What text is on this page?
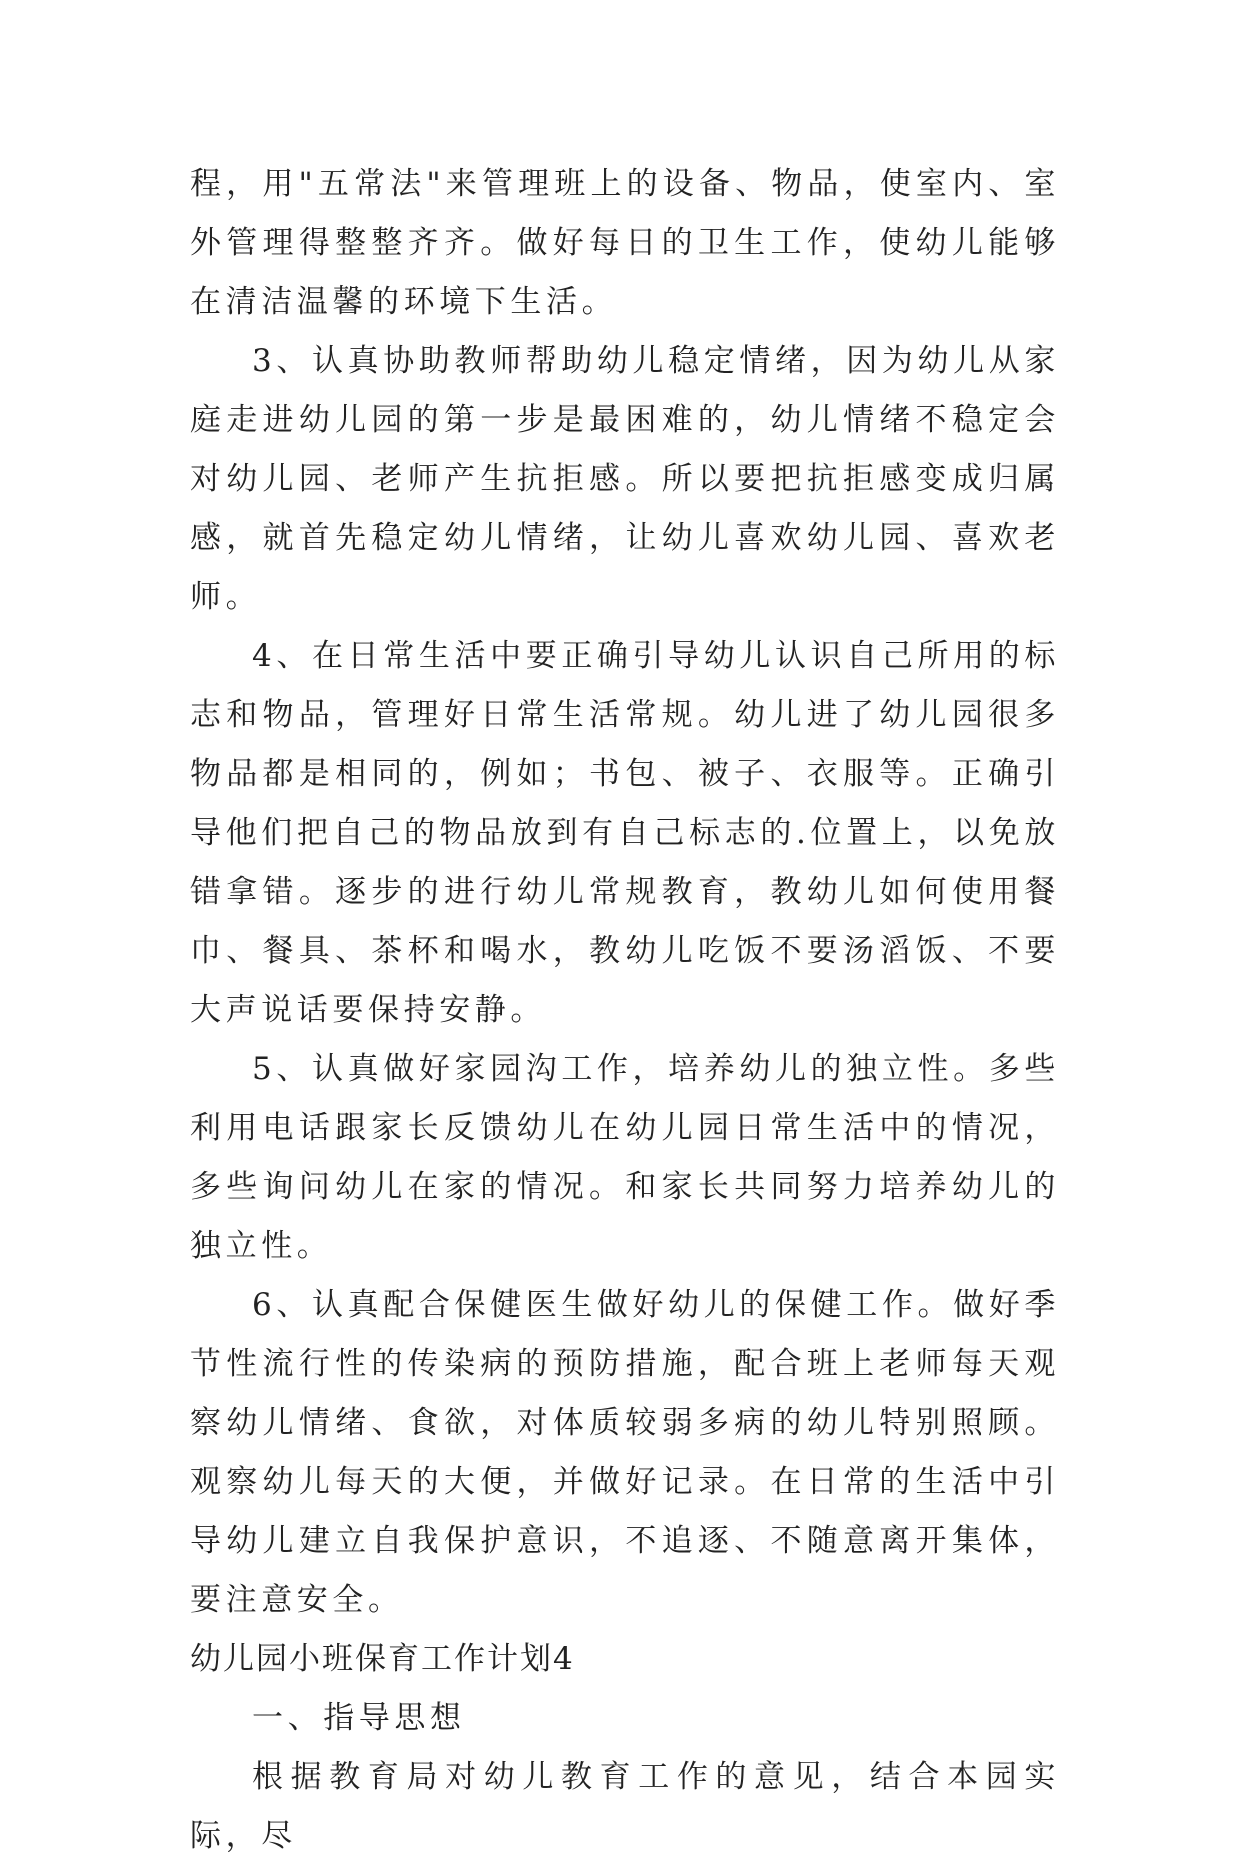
程，用"五常法"来管理班上的设备、物品，使室内、室外管理得整整齐齐。做好每日的卫生工作，使幼儿能够在清洁温馨的环境下生活。

3、认真协助教师帮助幼儿稳定情绪，因为幼儿从家庭走进幼儿园的第一步是最困难的，幼儿情绪不稳定会对幼儿园、老师产生抗拒感。所以要把抗拒感变成归属感，就首先稳定幼儿情绪，让幼儿喜欢幼儿园、喜欢老师。

4、在日常生活中要正确引导幼儿认识自己所用的标志和物品，管理好日常生活常规。幼儿进了幼儿园很多物品都是相同的，例如；书包、被子、衣服等。正确引导他们把自己的物品放到有自己标志的.位置上，以免放错拿错。逐步的进行幼儿常规教育，教幼儿如何使用餐巾、餐具、茶杯和喝水，教幼儿吃饭不要汤滔饭、不要大声说话要保持安静。

5、认真做好家园沟工作，培养幼儿的独立性。多些利用电话跟家长反馈幼儿在幼儿园日常生活中的情况，多些询问幼儿在家的情况。和家长共同努力培养幼儿的独立性。

6、认真配合保健医生做好幼儿的保健工作。做好季节性流行性的传染病的预防措施，配合班上老师每天观察幼儿情绪、食欲，对体质较弱多病的幼儿特别照顾。观察幼儿每天的大便，并做好记录。在日常的生活中引导幼儿建立自我保护意识，不追逐、不随意离开集体，要注意安全。

幼儿园小班保育工作计划4

一、指导思想

根据教育局对幼儿教育工作的意见，结合本园实际，尽
